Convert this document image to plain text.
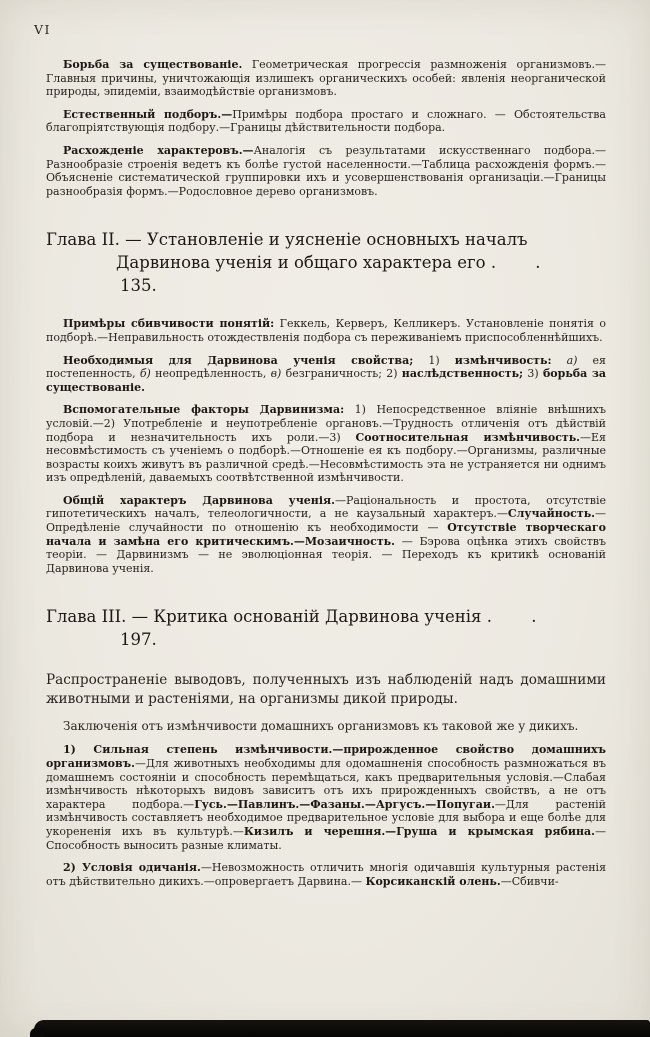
VI

Борьба за существованіе. Геометрическая прогрессія размноженія организмовъ.—Главныя причины, уничтожающія излишекъ органическихъ особей: явленія неорганической природы, эпидеміи, взаимодѣйствіе организмовъ.

Естественный подборъ.—Примѣры подбора простаго и сложнаго. — Обстоятельства благопріятствующія подбору.—Границы дѣйствительности подбора.

Расхожденіе характеровъ.—Аналогія съ результатами искусственнаго подбора.—Разнообразіе строенія ведетъ къ болѣе густой населенности.—Таблица расхожденія формъ.—Объясненіе систематической группировки ихъ и усовершенствованія организаціи.—Границы разнообразія формъ.—Родословное дерево организмовъ.

Глава II. — Установленіе и уясненіе основныхъ началъ Дарвинова ученія и общаго характера его . . 135.

Примѣры сбивчивости понятій: Геккель, Керверъ, Келликеръ. Установленіе понятія о подборѣ.—Неправильность отождествленія подбора съ переживаніемъ приспособленнѣйшихъ.

Необходимыя для Дарвинова ученія свойства; 1) измѣнчивость: а) ея постепенность, б) неопредѣленность, в) безграничность; 2) наслѣдственность; 3) борьба за существованіе.

Вспомогательные факторы Дарвинизма: 1) Непосредственное вліяніе внѣшнихъ условій.—2) Употребленіе и неупотребленіе органовъ.—Трудность отличенія отъ дѣйствій подбора и незначительность ихъ роли.—3) Соотносительная измѣнчивость.—Ея несовмѣстимость съ ученіемъ о подборѣ.—Отношеніе ея къ подбору.—Организмы, различные возрасты коихъ живутъ въ различной средѣ.—Несовмѣстимость эта не устраняется ни однимъ изъ опредѣленій, даваемыхъ соотвѣтственной измѣнчивости.

Общій характеръ Дарвинова ученія.—Раціональность и простота, отсутствіе гипотетическихъ началъ, телеологичности, а не каузальный характеръ.—Случайность.—Опредѣленіе случайности по отношенію къ необходимости — Отсутствіе творческаго начала и замѣна его критическимъ.—Мозаичность. — Бэрова оцѣнка этихъ свойствъ теоріи. — Дарвинизмъ — не эволюціонная теорія. — Переходъ къ критикѣ основаній Дарвинова ученія.

Глава III. — Критика основаній Дарвинова ученія . . 197.

Распространеніе выводовъ, полученныхъ изъ наблюденій надъ домашними животными и растеніями, на организмы дикой природы.

Заключенія отъ измѣнчивости домашнихъ организмовъ къ таковой же у дикихъ.

1) Сильная степень измѣнчивости.—прирожденное свойство домашнихъ организмовъ.—Для животныхъ необходимы для одомашненія способность размножаться въ домашнемъ состояніи и способность перемѣщаться, какъ предварительныя условія.—Слабая измѣнчивость нѣкоторыхъ видовъ зависитъ отъ ихъ прирожденныхъ свойствъ, а не отъ характера подбора.—Гусь.—Павлинъ.—Фазаны.—Аргусъ.—Попугаи.—Для растеній измѣнчивость составляетъ необходимое предварительное условіе для выбора и еще болѣе для укорененія ихъ въ культурѣ.—Кизилъ и черешня.—Груша и крымская рябина.—Способность выносить разные климаты.

2) Условія одичанія.—Невозможность отличить многія одичавшія культурныя растенія отъ дѣйствительно дикихъ.—опровергаетъ Дарвина.— Корсиканскій олень.—Сбивчи-
